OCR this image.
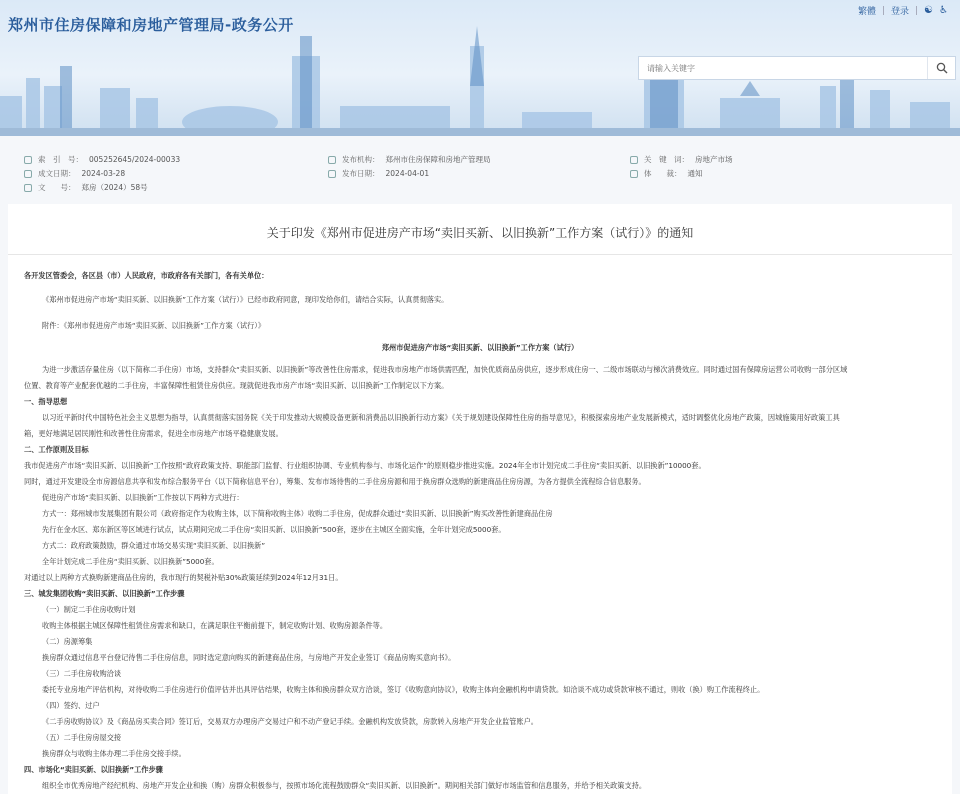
郑州市住房保障和房地产管理局-政务公开
繁體 | 登录 | ☯ ♿
请输入关键字
索　引　号： 005252645/2024-00033
成文日期： 2024-03-28
文　　号： 郑房（2024）58号
发布机构： 郑州市住房保障和房地产管理局
发布日期： 2024-04-01
关　键　词： 房地产市场
体　　裁： 通知
关于印发《郑州市促进房产市场“卖旧买新、以旧换新”工作方案（试行）》的通知
各开发区管委会，各区县（市）人民政府，市政府各有关部门，各有关单位：
《郑州市促进房产市场“卖旧买新、以旧换新”工作方案（试行）》已经市政府同意，现印发给你们，请结合实际，认真贯彻落实。
附件：《郑州市促进房产市场“卖旧买新、以旧换新”工作方案（试行）》
郑州市促进房产市场“卖旧买新、以旧换新”工作方案（试行）
为进一步激活存量住房（以下简称二手住房）市场，支持群众“卖旧买新、以旧换新”等改善性住房需求，促进我市房地产市场供需匹配，加快优质商品房供应，逐步形成住房一、二级市场联动与梯次消费效应。同时通过国有保障房运营公司收购一部分区域
位置、教育等产业配套优越的二手住房，丰富保障性租赁住房供应。现就促进我市房产市场“卖旧买新、以旧换新”工作制定以下方案。
一、指导思想
以习近平新时代中国特色社会主义思想为指导，认真贯彻落实国务院《关于印发推动大规模设备更新和消费品以旧换新行动方案》《关于规划建设保障性住房的指导意见》，积极探索房地产业发展新模式，适时调整优化房地产政策，因城施策用好政策工具
箱，更好地满足居民刚性和改善性住房需求，促进全市房地产市场平稳健康发展。
二、工作原则及目标
我市促进房产市场“卖旧买新、以旧换新”工作按照“政府政策支持、职能部门监督、行业组织协调、专业机构参与、市场化运作”的原则稳步推进实施。2024年全市计划完成二手住房“卖旧买新、以旧换新”10000套。
同时，通过开发建设全市房源信息共享和发布综合服务平台（以下简称信息平台），筹集、发布市场待售的二手住房房源和用于换房群众选购的新建商品住房房源，为各方提供全流程综合信息服务。
促进房产市场“卖旧买新、以旧换新”工作按以下两种方式进行：
方式一：郑州城市发展集团有限公司（政府指定作为收购主体，以下简称收购主体）收购二手住房，促成群众通过“卖旧买新、以旧换新”购买改善性新建商品住房
先行在金水区、郑东新区等区域进行试点，试点期间完成二手住房“卖旧买新、以旧换新”500套，逐步在主城区全面实施，全年计划完成5000套。
方式二：政府政策鼓励，群众通过市场交易实现“卖旧买新、以旧换新”
全年计划完成二手住房“卖旧买新、以旧换新”5000套。
对通过以上两种方式换购新建商品住房的，我市现行的契税补贴30%政策延续到2024年12月31日。
三、城发集团收购“卖旧买新、以旧换新”工作步骤
（一）制定二手住房收购计划
收购主体根据主城区保障性租赁住房需求和缺口，在满足职住平衡前提下，制定收购计划、收购房源条件等。
（二）房源筹集
换房群众通过信息平台登记待售二手住房信息，同时选定意向购买的新建商品住房，与房地产开发企业签订《商品房购买意向书》。
（三）二手住房收购洽谈
委托专业房地产评估机构，对待收购二手住房进行价值评估并出具评估结果，收购主体和换房群众双方洽谈，签订《收购意向协议》，收购主体向金融机构申请贷款。如洽谈不成功或贷款审核不通过，则收（换）购工作流程终止。
（四）签约、过户
《二手房收购协议》及《商品房买卖合同》签订后，交易双方办理房产交易过户和不动产登记手续。金融机构发放贷款，房款转入房地产开发企业监管账户。
（五）二手住房房屋交接
换房群众与收购主体办理二手住房交接手续。
四、市场化“卖旧买新、以旧换新”工作步骤
组织全市优秀房地产经纪机构、房地产开发企业和换（购）房群众积极参与，按照市场化流程鼓励群众“卖旧买新、以旧换新”。期间相关部门做好市场监管和信息服务，并给予相关政策支持。
